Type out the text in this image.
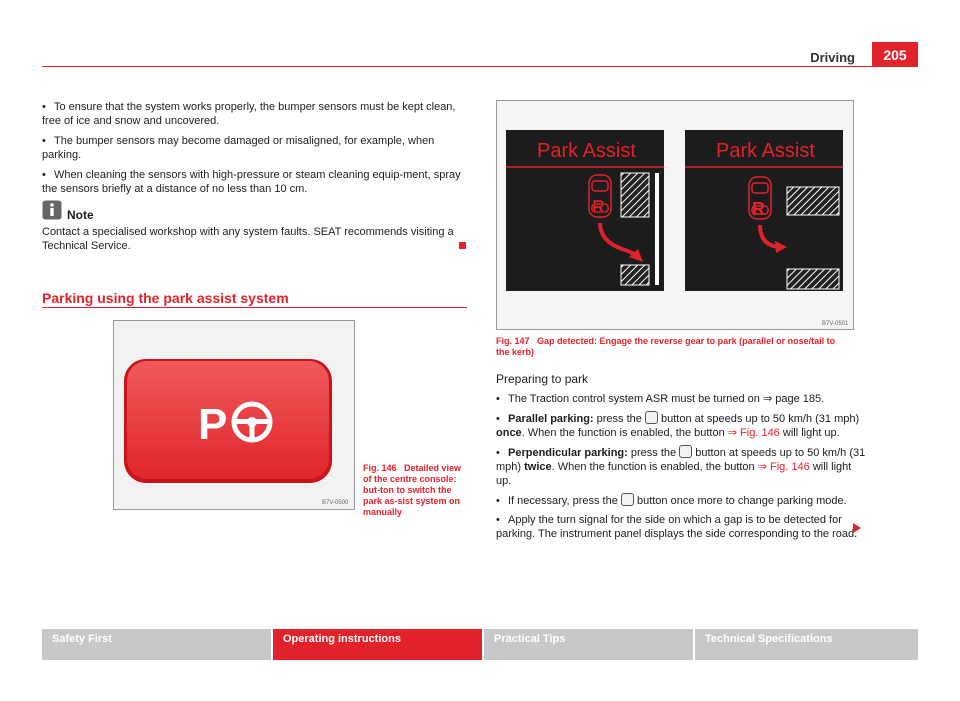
Driving	205

• To ensure that the system works properly, the bumper sensors must be kept clean, free of ice and snow and uncovered.

• The bumper sensors may become damaged or misaligned, for example, when parking.

• When cleaning the sensors with high-pressure or steam cleaning equip-ment, spray the sensors briefly at a distance of no less than 10 cm.

Note

Contact a specialised workshop with any system faults. SEAT recommends visiting a Technical Service.

Parking using the park assist system
P
B7V-0500

Fig. 146 Detailed view of the centre console: but-ton to switch the park as-sist system on manually

Park Assist
R
Park Assist
R
B7V-0501

Fig. 147 Gap detected: Engage the reverse gear to park (parallel or nose/tail to the kerb)

Preparing to park

• The Traction control system ASR must be turned on ⇒ page 185.

• Parallel parking: press the  button at speeds up to 50 km/h (31 mph) once. When the function is enabled, the button ⇒ Fig. 146 will light up.

• Perpendicular parking: press the  button at speeds up to 50 km/h (31 mph) twice. When the function is enabled, the button ⇒ Fig. 146 will light up.

• If necessary, press the  button once more to change parking mode.

• Apply the turn signal for the side on which a gap is to be detected for parking. The instrument panel displays the side corresponding to the road.

Safety First	Operating instructions	Practical Tips	Technical Specifications
